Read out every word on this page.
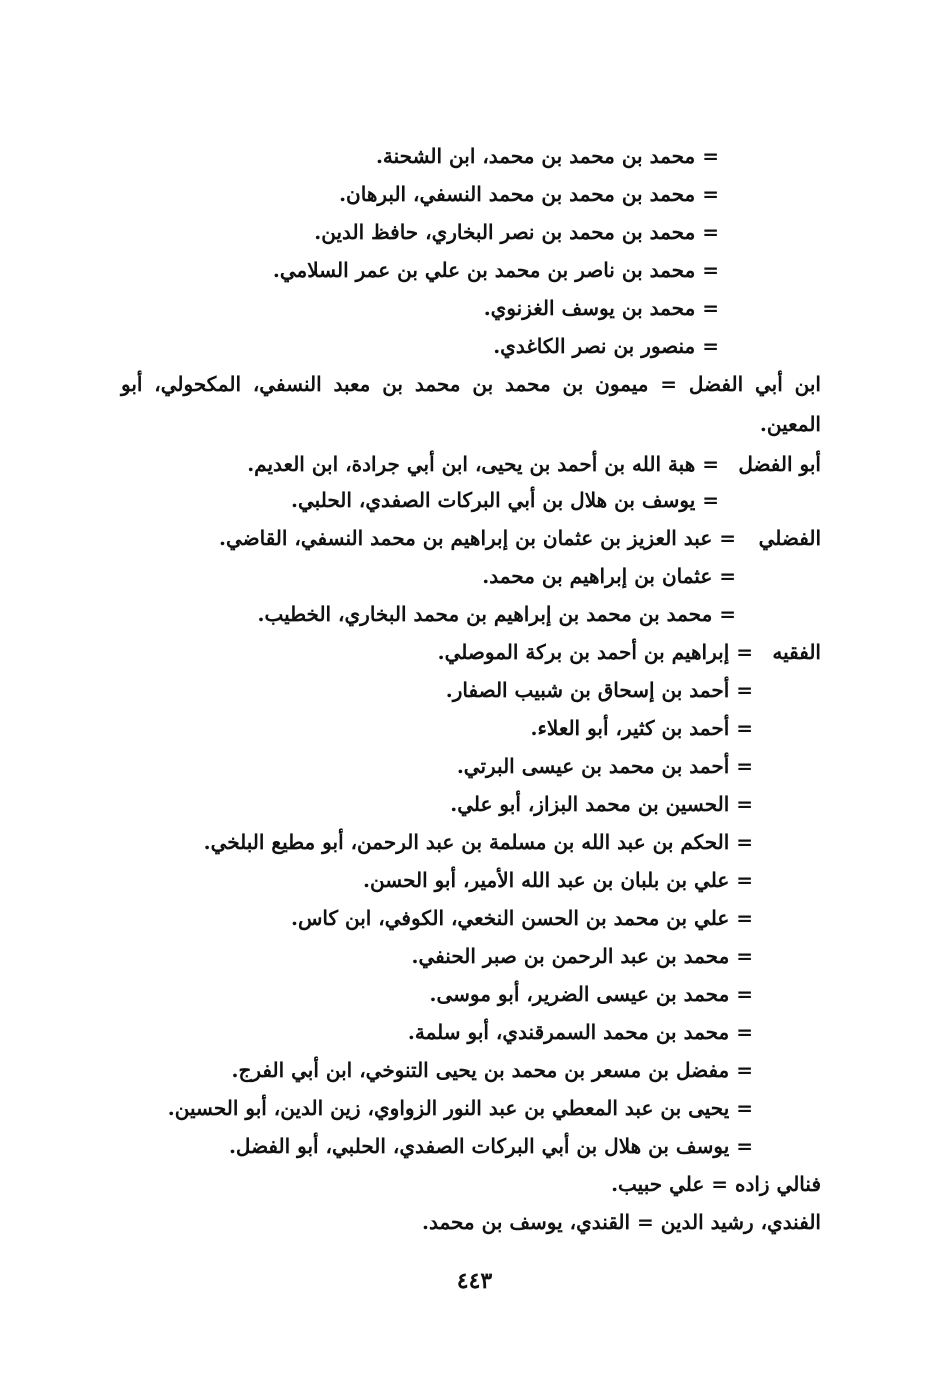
= محمد بن محمد بن محمد، ابن الشحنة.
= محمد بن محمد بن محمد النسفي، البرهان.
= محمد بن محمد بن نصر البخاري، حافظ الدين.
= محمد بن ناصر بن محمد بن علي بن عمر السلامي.
= محمد بن يوسف الغزنوي.
= منصور بن نصر الكاغدي.
ابن أبي الفضل = ميمون بن محمد بن محمد بن معبد النسفي، المكحولي، أبو
المعين.
أبو الفضل
= هبة الله بن أحمد بن يحيى، ابن أبي جرادة، ابن العديم.
= يوسف بن هلال بن أبي البركات الصفدي، الحلبي.
الفضلي
= عبد العزيز بن عثمان بن إبراهيم بن محمد النسفي، القاضي.
= عثمان بن إبراهيم بن محمد.
= محمد بن محمد بن إبراهيم بن محمد البخاري، الخطيب.
الفقيه
= إبراهيم بن أحمد بن بركة الموصلي.
= أحمد بن إسحاق بن شبيب الصفار.
= أحمد بن كثير، أبو العلاء.
= أحمد بن محمد بن عيسى البرتي.
= الحسين بن محمد البزاز، أبو علي.
= الحكم بن عبد الله بن مسلمة بن عبد الرحمن، أبو مطيع البلخي.
= علي بن بلبان بن عبد الله الأمير، أبو الحسن.
= علي بن محمد بن الحسن النخعي، الكوفي، ابن كاس.
= محمد بن عبد الرحمن بن صبر الحنفي.
= محمد بن عيسى الضرير، أبو موسى.
= محمد بن محمد السمرقندي، أبو سلمة.
= مفضل بن مسعر بن محمد بن يحيى التنوخي، ابن أبي الفرج.
= يحيى بن عبد المعطي بن عبد النور الزواوي، زين الدين، أبو الحسين.
= يوسف بن هلال بن أبي البركات الصفدي، الحلبي، أبو الفضل.
فنالي زاده = علي حبيب.
الفندي، رشيد الدين = القندي، يوسف بن محمد.
٤٤٣
